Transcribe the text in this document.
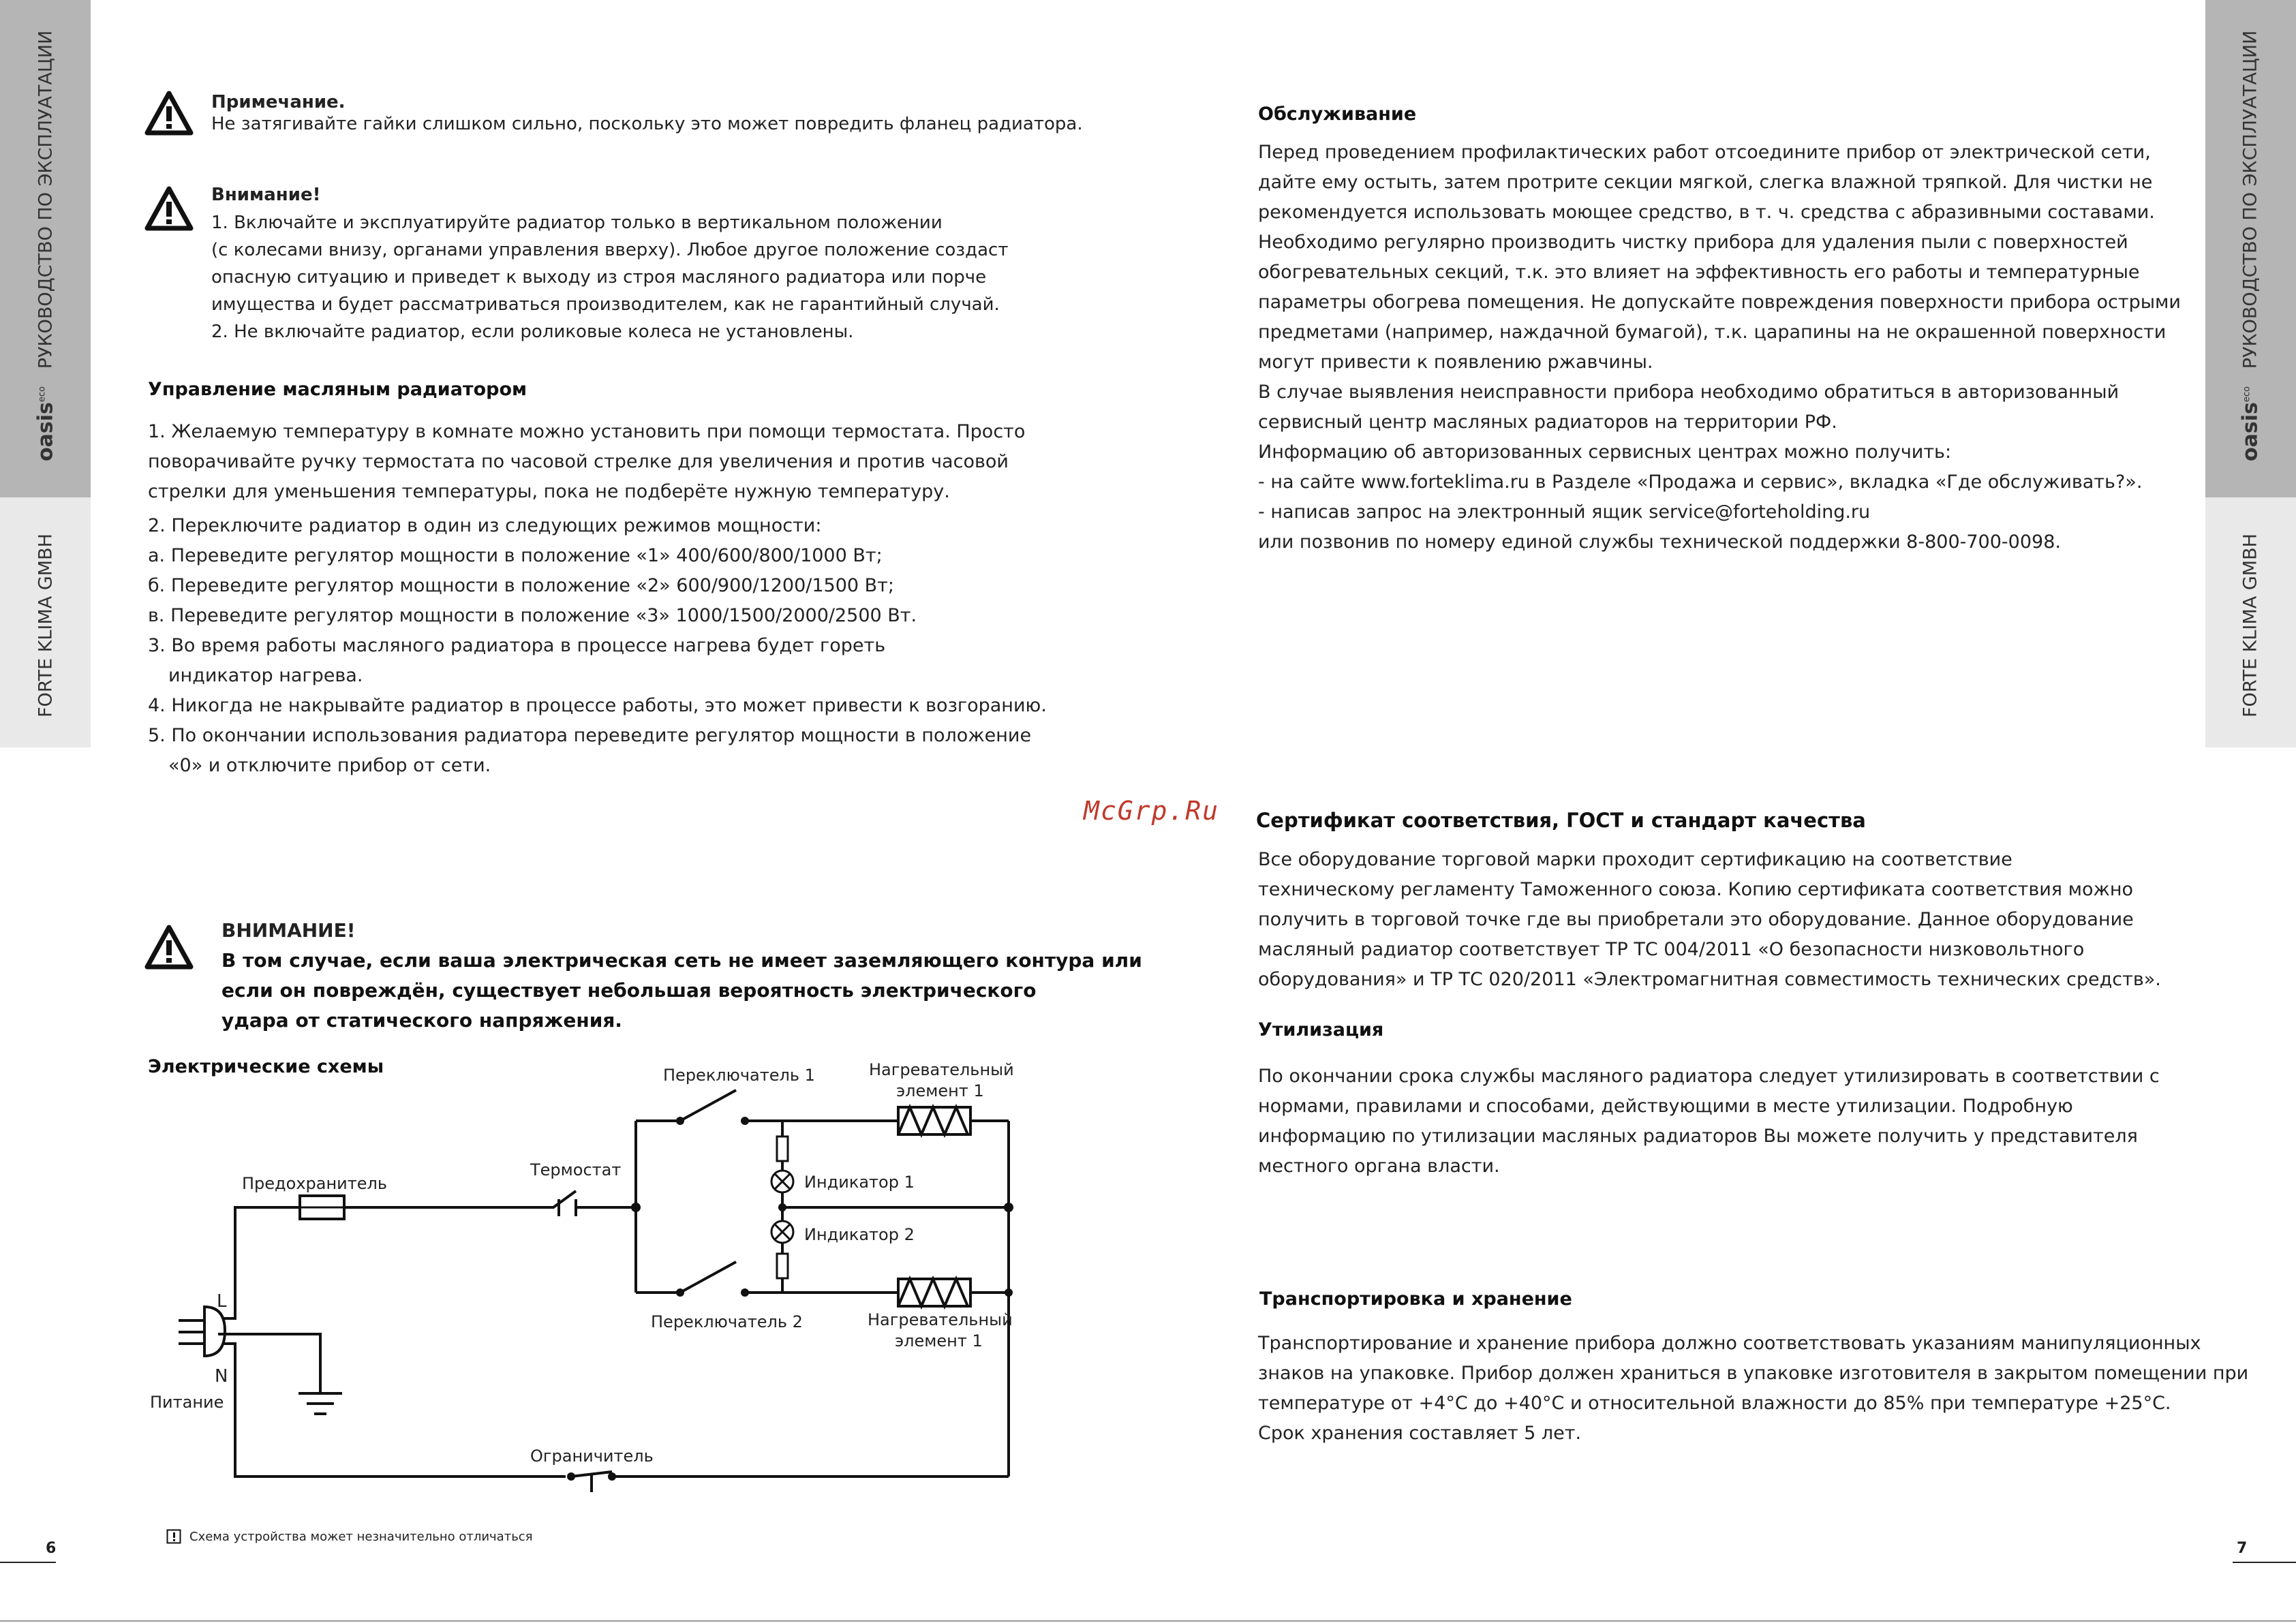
РУКОВОДСТВО ПО ЭКСПЛУАТАЦИИ
oasis$^{eco}$
FORTE KLIMA GMBH
РУКОВОДСТВО ПО ЭКСПЛУАТАЦИИ
oasis$^{eco}$
FORTE KLIMA GMBH
Примечание.
Не затягивайте гайки слишком сильно, поскольку это может повредить фланец радиатора.
Внимание!
1. Включайте и эксплуатируйте радиатор только в вертикальном положении
(с колесами внизу, органами управления вверху). Любое другое положение создаст
опасную ситуацию и приведет к выходу из строя масляного радиатора или порче
имущества и будет рассматриваться производителем, как не гарантийный случай.
2. Не включайте радиатор, если роликовые колеса не установлены.
Управление масляным радиатором
1. Желаемую температуру в комнате можно установить при помощи термостата. Просто
поворачивайте ручку термостата по часовой стрелке для увеличения и против часовой
стрелки для уменьшения температуры, пока не подберёте нужную температуру.
2. Переключите радиатор в один из следующих режимов мощности:
а. Переведите регулятор мощности в положение «1» 400/600/800/1000 Вт;
б. Переведите регулятор мощности в положение «2» 600/900/1200/1500 Вт;
в. Переведите регулятор мощности в положение «3» 1000/1500/2000/2500 Вт.
3. Во время работы масляного радиатора в процессе нагрева будет гореть
индикатор нагрева.
4. Никогда не накрывайте радиатор в процессе работы, это может привести к возгоранию.
5. По окончании использования радиатора переведите регулятор мощности в положение
«0» и отключите прибор от сети.
ВНИМАНИЕ!
В том случае, если ваша электрическая сеть не имеет заземляющего контура или
если он повреждён, существует небольшая вероятность электрического
удара от статического напряжения.
Электрические схемы	Переключатель 1	Нагревательный
элемент 1
Предохранитель
Термостат
Индикатор 1
Индикатор 2
Переключатель 2	Нагревательный
элемент 1
L
N
Питание
Ограничитель
Схема устройства может незначительно отличаться
6	7
Обслуживание
Перед проведением профилактических работ отсоедините прибор от электрической сети,
дайте ему остыть, затем протрите секции мягкой, слегка влажной тряпкой. Для чистки не
рекомендуется использовать моющее средство, в т. ч. средства с абразивными составами.
Необходимо регулярно производить чистку прибора для удаления пыли с поверхностей
обогревательных секций, т.к. это влияет на эффективность его работы и температурные
параметры обогрева помещения. Не допускайте повреждения поверхности прибора острыми
предметами (например, наждачной бумагой), т.к. царапины на не окрашенной поверхности
могут привести к появлению ржавчины.
В случае выявления неисправности прибора необходимо обратиться в авторизованный
сервисный центр масляных радиаторов на территории РФ.
Информацию об авторизованных сервисных центрах можно получить:
- на сайте www.forteklima.ru в Разделе «Продажа и сервис», вкладка «Где обслуживать?».
- написав запрос на электронный ящик service@forteholding.ru
или позвонив по номеру единой службы технической поддержки 8-800-700-0098.
McGrp.Ru Сертификат соответствия, ГОСТ и стандарт качества
Все оборудование торговой марки проходит сертификацию на соответствие
техническому регламенту Таможенного союза. Копию сертификата соответствия можно
получить в торговой точке где вы приобретали это оборудование. Данное оборудование
масляный радиатор соответствует ТР ТС 004/2011 «О безопасности низковольтного
оборудования» и ТР ТС 020/2011 «Электромагнитная совместимость технических средств».
Утилизация
По окончании срока службы масляного радиатора следует утилизировать в соответствии с
нормами, правилами и способами, действующими в месте утилизации. Подробную
информацию по утилизации масляных радиаторов Вы можете получить у представителя
местного органа власти.
Транспортировка и хранение
Транспортирование и хранение прибора должно соответствовать указаниям манипуляционных
знаков на упаковке. Прибор должен храниться в упаковке изготовителя в закрытом помещении при
температуре от +4°С до +40°С и относительной влажности до 85% при температуре +25°С.
Срок хранения составляет 5 лет.
